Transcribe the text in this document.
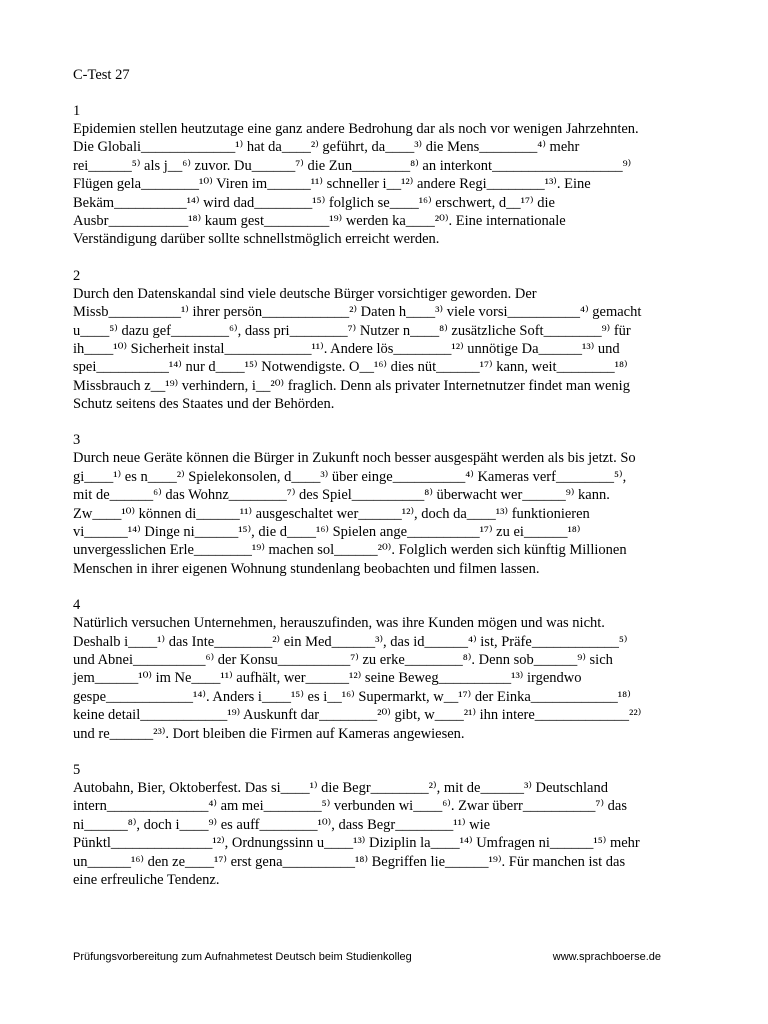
C-Test 27
1
Epidemien stellen heutzutage eine ganz andere Bedrohung dar als noch vor wenigen Jahrzehnten.
Die Globali_____________¹⁾ hat da____²⁾ geführt, da____³⁾ die Mens________⁴⁾ mehr
rei______⁵⁾ als j__⁶⁾ zuvor. Du______⁷⁾ die Zun________⁸⁾ an interkont__________________⁹⁾
Flügen gela________¹⁰⁾ Viren im______¹¹⁾ schneller i__¹²⁾ andere Regi________¹³⁾. Eine
Bekäm__________¹⁴⁾ wird dad________¹⁵⁾ folglich se____¹⁶⁾ erschwert, d__¹⁷⁾ die
Ausbr___________¹⁸⁾ kaum gest_________¹⁹⁾ werden ka____²⁰⁾. Eine internationale
Verständigung darüber sollte schnellstmöglich erreicht werden.
2
Durch den Datenskandal sind viele deutsche Bürger vorsichtiger geworden. Der
Missb__________¹⁾ ihrer persön____________²⁾ Daten h____³⁾ viele vorsi__________⁴⁾ gemacht
u____⁵⁾ dazu gef________⁶⁾, dass pri________⁷⁾ Nutzer n____⁸⁾ zusätzliche Soft________⁹⁾ für
ih____¹⁰⁾ Sicherheit instal____________¹¹⁾. Andere lös________¹²⁾ unnötige Da______¹³⁾ und
spei__________¹⁴⁾ nur d____¹⁵⁾ Notwendigste. O__¹⁶⁾ dies nüt______¹⁷⁾ kann, weit________¹⁸⁾
Missbrauch z__¹⁹⁾ verhindern, i__²⁰⁾ fraglich. Denn als privater Internetnutzer findet man wenig
Schutz seitens des Staates und der Behörden.
3
Durch neue Geräte können die Bürger in Zukunft noch besser ausgespäht werden als bis jetzt. So
gi____¹⁾ es n____²⁾ Spielekonsolen, d____³⁾ über einge__________⁴⁾ Kameras verf________⁵⁾,
mit de______⁶⁾ das Wohnz________⁷⁾ des Spiel__________⁸⁾ überwacht wer______⁹⁾ kann.
Zw____¹⁰⁾ können di______¹¹⁾ ausgeschaltet wer______¹²⁾, doch da____¹³⁾ funktionieren
vi______¹⁴⁾ Dinge ni______¹⁵⁾, die d____¹⁶⁾ Spielen ange__________¹⁷⁾ zu ei______¹⁸⁾
unvergesslichen Erle________¹⁹⁾ machen sol______²⁰⁾. Folglich werden sich künftig Millionen
Menschen in ihrer eigenen Wohnung stundenlang beobachten und filmen lassen.
4
Natürlich versuchen Unternehmen, herauszufinden, was ihre Kunden mögen und was nicht.
Deshalb i____¹⁾ das Inte________²⁾ ein Med______³⁾, das id______⁴⁾ ist, Präfe____________⁵⁾
und Abnei__________⁶⁾ der Konsu__________⁷⁾ zu erke________⁸⁾. Denn sob______⁹⁾ sich
jem______¹⁰⁾ im Ne____¹¹⁾ aufhält, wer______¹²⁾ seine Beweg__________¹³⁾ irgendwo
gespe____________¹⁴⁾. Anders i____¹⁵⁾ es i__¹⁶⁾ Supermarkt, w__¹⁷⁾ der Einka____________¹⁸⁾
keine detail____________¹⁹⁾ Auskunft dar________²⁰⁾ gibt, w____²¹⁾ ihn intere_____________²²⁾
und re______²³⁾. Dort bleiben die Firmen auf Kameras angewiesen.
5
Autobahn, Bier, Oktoberfest. Das si____¹⁾ die Begr________²⁾, mit de______³⁾ Deutschland
intern______________⁴⁾ am mei________⁵⁾ verbunden wi____⁶⁾. Zwar überr__________⁷⁾ das
ni______⁸⁾, doch i____⁹⁾ es auff________¹⁰⁾, dass Begr________¹¹⁾ wie
Pünktl______________¹²⁾, Ordnungssinn u____¹³⁾ Diziplin la____¹⁴⁾ Umfragen ni______¹⁵⁾ mehr
un______¹⁶⁾ den ze____¹⁷⁾ erst gena__________¹⁸⁾ Begriffen lie______¹⁹⁾. Für manchen ist das
eine erfreuliche Tendenz.
Prüfungsvorbereitung zum Aufnahmetest Deutsch beim Studienkolleg	www.sprachboerse.de
